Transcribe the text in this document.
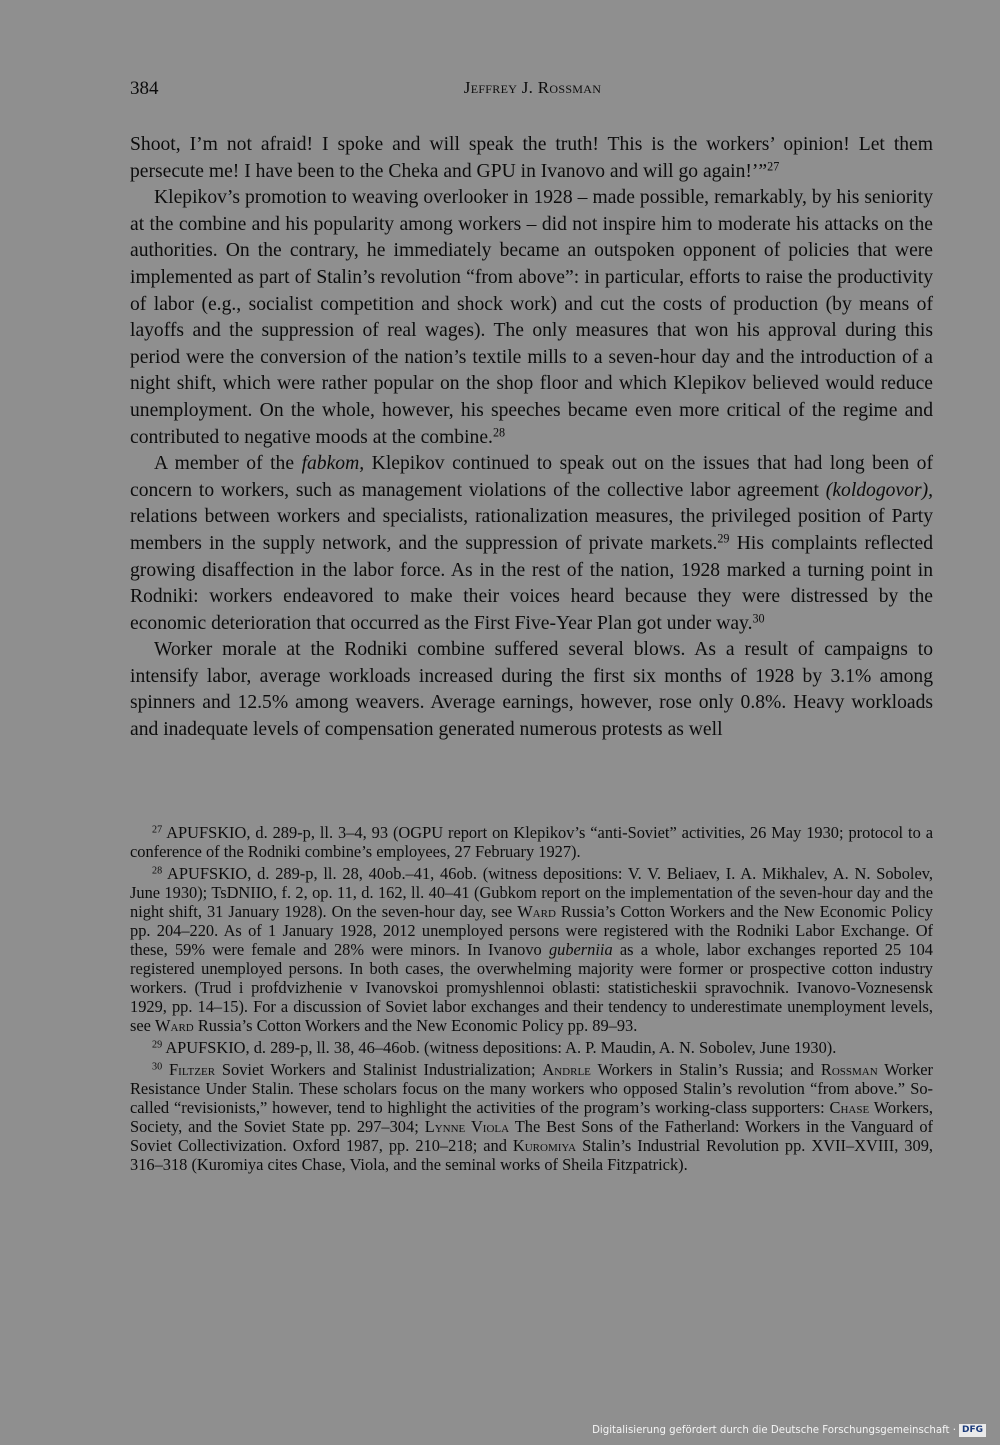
384	Jeffrey J. Rossman

Shoot, I’m not afraid! I spoke and will speak the truth! This is the workers’ opinion! Let them persecute me! I have been to the Cheka and GPU in Ivanovo and will go again!’”$^{27}$

Klepikov’s promotion to weaving overlooker in 1928 – made possible, remarkably, by his seniority at the combine and his popularity among workers – did not inspire him to moderate his attacks on the authorities. On the contrary, he immediately became an outspoken opponent of policies that were implemented as part of Stalin’s revolution “from above”: in particular, efforts to raise the productivity of labor (e.g., socialist competition and shock work) and cut the costs of production (by means of layoffs and the suppression of real wages). The only measures that won his approval during this period were the conversion of the nation’s textile mills to a seven-hour day and the introduction of a night shift, which were rather popular on the shop floor and which Klepikov believed would reduce unemployment. On the whole, however, his speeches became even more critical of the regime and contributed to negative moods at the combine.$^{28}$

A member of the fabkom, Klepikov continued to speak out on the issues that had long been of concern to workers, such as management violations of the collective labor agreement (koldogovor), relations between workers and specialists, rationalization measures, the privileged position of Party members in the supply network, and the suppression of private markets.$^{29}$ His complaints reflected growing disaffection in the labor force. As in the rest of the nation, 1928 marked a turning point in Rodniki: workers endeavored to make their voices heard because they were distressed by the economic deterioration that occurred as the First Five-Year Plan got under way.$^{30}$

Worker morale at the Rodniki combine suffered several blows. As a result of campaigns to intensify labor, average workloads increased during the first six months of 1928 by 3.1% among spinners and 12.5% among weavers. Average earnings, however, rose only 0.8%. Heavy workloads and inadequate levels of compensation generated numerous protests as well

$^{27}$ APUFSKIO, d. 289-p, ll. 3–4, 93 (OGPU report on Klepikov’s “anti-Soviet” activities, 26 May 1930; protocol to a conference of the Rodniki combine’s employees, 27 February 1927).

$^{28}$ APUFSKIO, d. 289-p, ll. 28, 40ob.–41, 46ob. (witness depositions: V. V. Beliaev, I. A. Mikhalev, A. N. Sobolev, June 1930); TsDNIIO, f. 2, op. 11, d. 162, ll. 40–41 (Gubkom report on the implementation of the seven-hour day and the night shift, 31 January 1928). On the seven-hour day, see Ward Russia’s Cotton Workers and the New Economic Policy pp. 204–220. As of 1 January 1928, 2012 unemployed persons were registered with the Rodniki Labor Exchange. Of these, 59% were female and 28% were minors. In Ivanovo guberniia as a whole, labor exchanges reported 25 104 registered unemployed persons. In both cases, the overwhelming majority were former or prospective cotton industry workers. (Trud i profdvizhenie v Ivanovskoi promyshlennoi oblasti: statisticheskii spravochnik. Ivanovo-Voznesensk 1929, pp. 14–15). For a discussion of Soviet labor exchanges and their tendency to underestimate unemployment levels, see Ward Russia’s Cotton Workers and the New Economic Policy pp. 89–93.

$^{29}$ APUFSKIO, d. 289-p, ll. 38, 46–46ob. (witness depositions: A. P. Maudin, A. N. Sobolev, June 1930).

$^{30}$ Filtzer Soviet Workers and Stalinist Industrialization; Andrle Workers in Stalin’s Russia; and Rossman Worker Resistance Under Stalin. These scholars focus on the many workers who opposed Stalin’s revolution “from above.” So-called “revisionists,” however, tend to highlight the activities of the program’s working-class supporters: Chase Workers, Society, and the Soviet State pp. 297–304; Lynne Viola The Best Sons of the Fatherland: Workers in the Vanguard of Soviet Collectivization. Oxford 1987, pp. 210–218; and Kuromiya Stalin’s Industrial Revolution pp. XVII–XVIII, 309, 316–318 (Kuromiya cites Chase, Viola, and the seminal works of Sheila Fitzpatrick).

Digitalisierung gefördert durch die Deutsche Forschungsgemeinschaft · DFG
